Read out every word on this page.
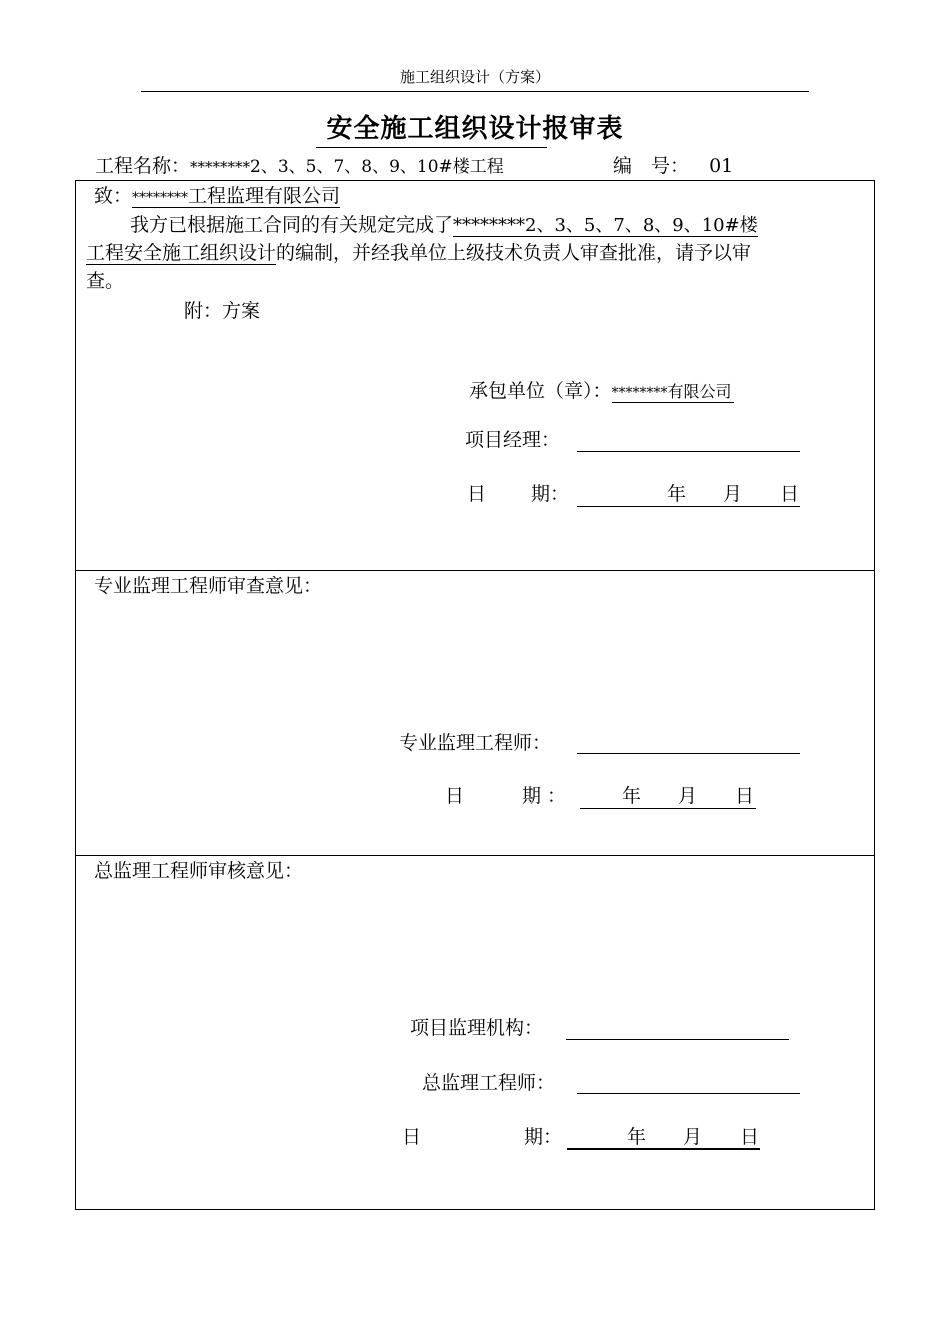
施工组织设计（方案）
安全施工组织设计报审表
工程名称：********2、3、5、7、8、9、10#楼工程	编　号： 01
致：********工程监理有限公司
我方已根据施工合同的有关规定完成了********2、3、5、7、8、9、10#楼
工程安全施工组织设计的编制，并经我单位上级技术负责人审查批准，请予以审
查。
附：方案
承包单位（章）：********有限公司
项目经理：
日 期：	年 月 日
专业监理工程师审查意见：
专业监理工程师：
日	期 ：	年 月 日
总监理工程师审核意见：
项目监理机构：
总监理工程师：
日	期：	年 月 日
